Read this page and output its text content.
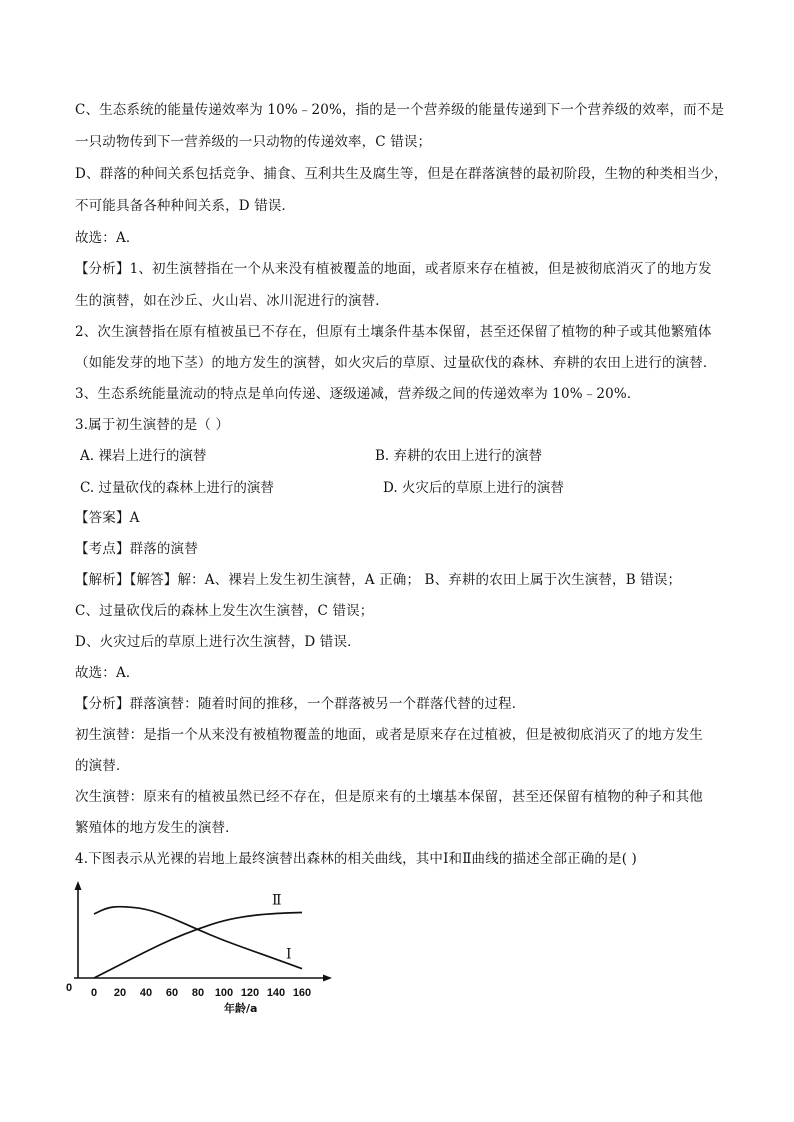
C、生态系统的能量传递效率为 10%﹣20%，指的是一个营养级的能量传递到下一个营养级的效率，而不是
一只动物传到下一营养级的一只动物的传递效率，C 错误；
D、群落的种间关系包括竞争、捕食、互利共生及腐生等，但是在群落演替的最初阶段，生物的种类相当少，
不可能具备各种种间关系，D 错误．
故选：A．
【分析】1、初生演替指在一个从来没有植被覆盖的地面，或者原来存在植被，但是被彻底消灭了的地方发
生的演替，如在沙丘、火山岩、冰川泥进行的演替．
2、次生演替指在原有植被虽已不存在，但原有土壤条件基本保留，甚至还保留了植物的种子或其他繁殖体
（如能发芽的地下茎）的地方发生的演替，如火灾后的草原、过量砍伐的森林、弃耕的农田上进行的演替．
3、生态系统能量流动的特点是单向传递、逐级递减，营养级之间的传递效率为 10%﹣20%．
3.属于初生演替的是（ ）
A. 裸岩上进行的演替	B. 弃耕的农田上进行的演替
C. 过量砍伐的森林上进行的演替	D. 火灾后的草原上进行的演替
【答案】A
【考点】群落的演替
【解析】【解答】解：A、裸岩上发生初生演替，A 正确； B、弃耕的农田上属于次生演替，B 错误；
C、过量砍伐后的森林上发生次生演替，C 错误；
D、火灾过后的草原上进行次生演替，D 错误．
故选：A．
【分析】群落演替：随着时间的推移，一个群落被另一个群落代替的过程．
初生演替：是指一个从来没有被植物覆盖的地面，或者是原来存在过植被，但是被彻底消灭了的地方发生
的演替．
次生演替：原来有的植被虽然已经不存在，但是原来有的土壤基本保留，甚至还保留有植物的种子和其他
繁殖体的地方发生的演替．
4.下图表示从光裸的岩地上最终演替出森林的相关曲线，其中Ⅰ和Ⅱ曲线的描述全部正确的是( )
0 0 20 40 60 80 100 120 140 160
Ⅰ
Ⅱ
年龄/a
